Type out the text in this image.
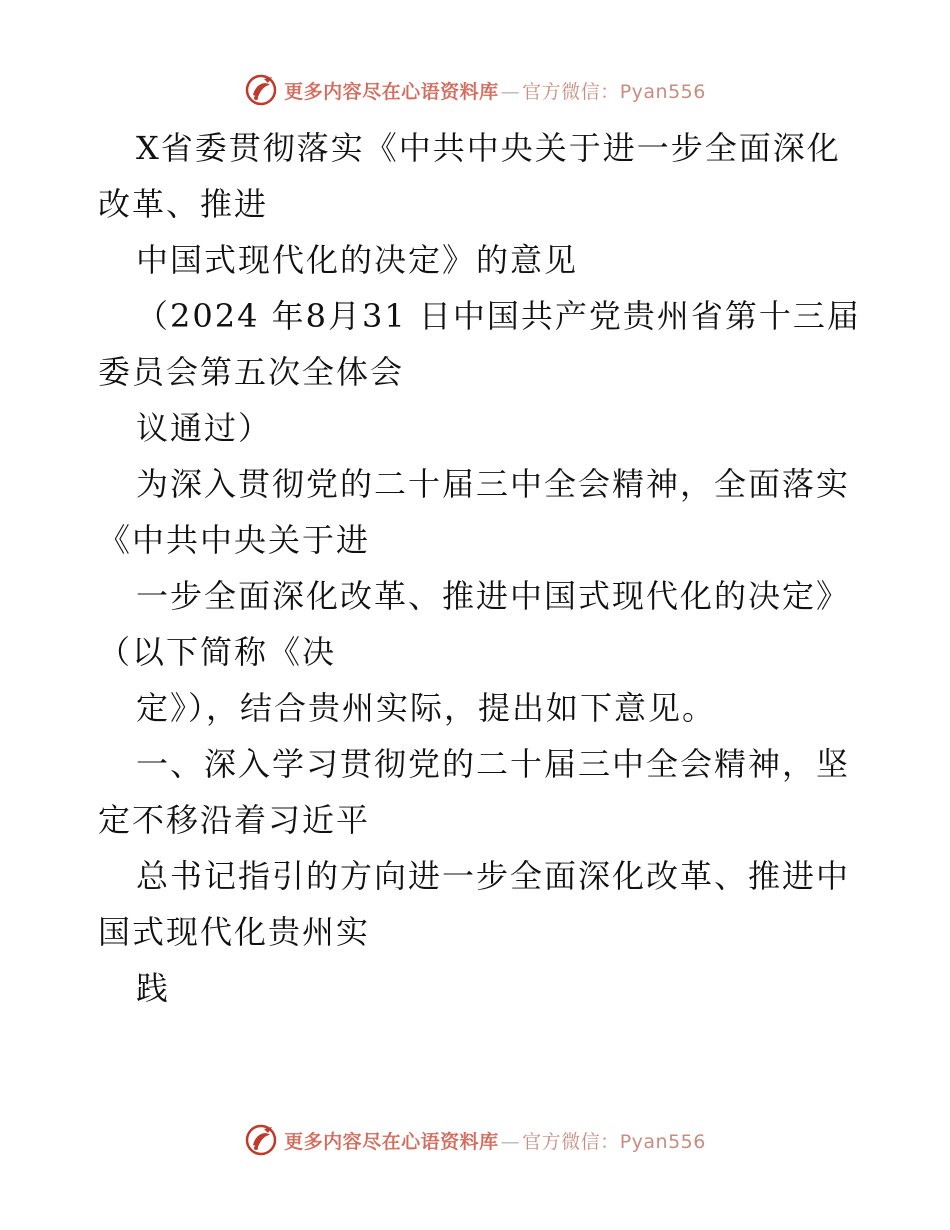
更多内容尽在心语资料库 — 官方微信：Pyan556
X省委贯彻落实《中共中央关于进一步全面深化
改革、推进
中国式现代化的决定》的意见
（2024 年8月31 日中国共产党贵州省第十三届
委员会第五次全体会
议通过）
为深入贯彻党的二十届三中全会精神，全面落实
《中共中央关于进
一步全面深化改革、推进中国式现代化的决定》
（以下简称《决
定》），结合贵州实际，提出如下意见。
一、深入学习贯彻党的二十届三中全会精神，坚
定不移沿着习近平
总书记指引的方向进一步全面深化改革、推进中
国式现代化贵州实
践
更多内容尽在心语资料库 — 官方微信：Pyan556
